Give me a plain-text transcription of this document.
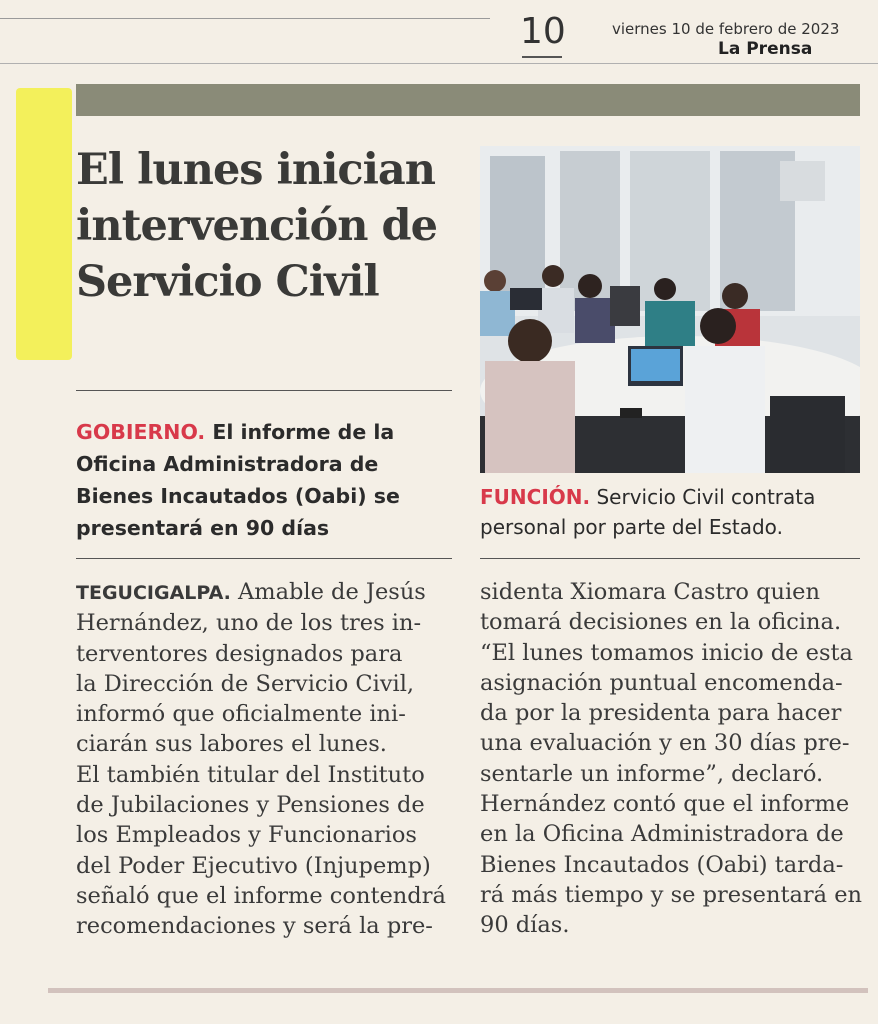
10	viernes 10 de febrero de 2023
La Prensa
El lunes inician
intervención de
Servicio Civil
GOBIERNO. El informe de la Oficina Administradora de Bienes Incautados (Oabi) se presentará en 90 días
FUNCIÓN. Servicio Civil contrata personal por parte del Estado.

TEGUCIGALPA. Amable de Jesús

Hernández, uno de los tres in-

terventores designados para

la Dirección de Servicio Civil,

informó que oficialmente ini-

ciarán sus labores el lunes.

El también titular del Instituto

de Jubilaciones y Pensiones de

los Empleados y Funcionarios

del Poder Ejecutivo (Injupemp)

señaló que el informe contendrá

recomendaciones y será la pre-

sidenta Xiomara Castro quien

tomará decisiones en la oficina.

“El lunes tomamos inicio de esta

asignación puntual encomenda-

da por la presidenta para hacer

una evaluación y en 30 días pre-

sentarle un informe”, declaró.

Hernández contó que el informe

en la Oficina Administradora de

Bienes Incautados (Oabi) tarda-

rá más tiempo y se presentará en

90 días.
